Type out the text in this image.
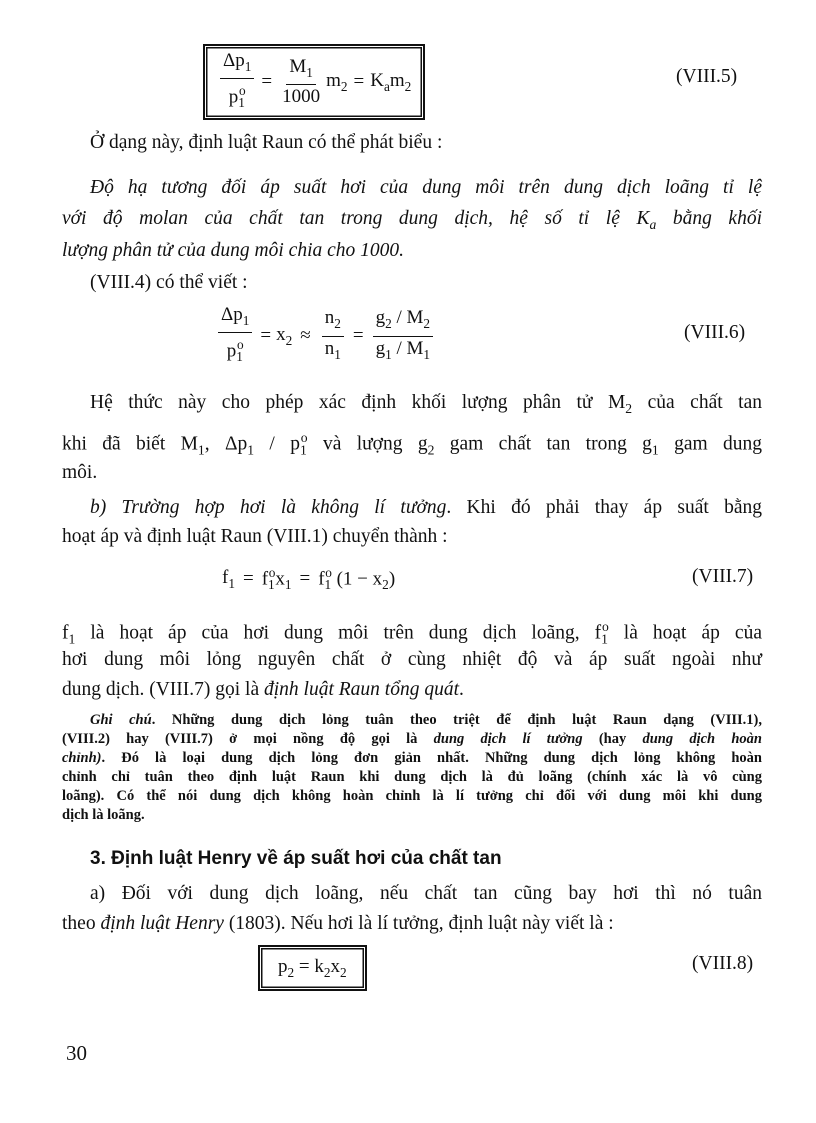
$\frac{\Delta p_1}{p_1^o} = \frac{M_1}{1000} m_2 = K_am_2$	(VIII.5)
Ở dạng này, định luật Raun có thể phát biểu :
Độ hạ tương đối áp suất hơi của dung môi trên dung dịch loãng tỉ lệ
với độ molan của chất tan trong dung dịch, hệ số tỉ lệ $K_a$ bằng khối
lượng phân tử của dung môi chia cho 1000.
(VIII.4) có thể viết :
$\frac{\Delta p_1}{p_1^o} = x_2 \approx \frac{n_2}{n_1} = \frac{g_2 / M_2}{g_1 / M_1}$	(VIII.6)
Hệ thức này cho phép xác định khối lượng phân tử $M_2$ của chất tan
khi đã biết $M_1$, $\Delta p_1 / p_1^o$ và lượng $g_2$ gam chất tan trong $g_1$ gam dung
môi.
b) Trường hợp hơi là không lí tưởng. Khi đó phải thay áp suất bằng
hoạt áp và định luật Raun (VIII.1) chuyển thành :
$f_1 = f_1^ox_1 = f_1^o$ $(1 - x_2)$	(VIII.7)
$f_1$ là hoạt áp của hơi dung môi trên dung dịch loãng, $f_1^o$ là hoạt áp của
hơi dung môi lỏng nguyên chất ở cùng nhiệt độ và áp suất ngoài như
dung dịch. (VIII.7) gọi là định luật Raun tổng quát.
Ghi chú. Những dung dịch lỏng tuân theo triệt để định luật Raun dạng (VIII.1),
(VIII.2) hay (VIII.7) ở mọi nồng độ gọi là dung dịch lí tưởng (hay dung dịch hoàn
chỉnh). Đó là loại dung dịch lỏng đơn giản nhất. Những dung dịch lỏng không hoàn
chỉnh chỉ tuân theo định luật Raun khi dung dịch là đủ loãng (chính xác là vô cùng
loãng). Có thể nói dung dịch không hoàn chỉnh là lí tưởng chỉ đối với dung môi khi dung
dịch là loãng.
3. Định luật Henry về áp suất hơi của chất tan
a) Đối với dung dịch loãng, nếu chất tan cũng bay hơi thì nó tuân
theo định luật Henry (1803). Nếu hơi là lí tưởng, định luật này viết là :
$p_2 = k_2x_2$	(VIII.8)
30
